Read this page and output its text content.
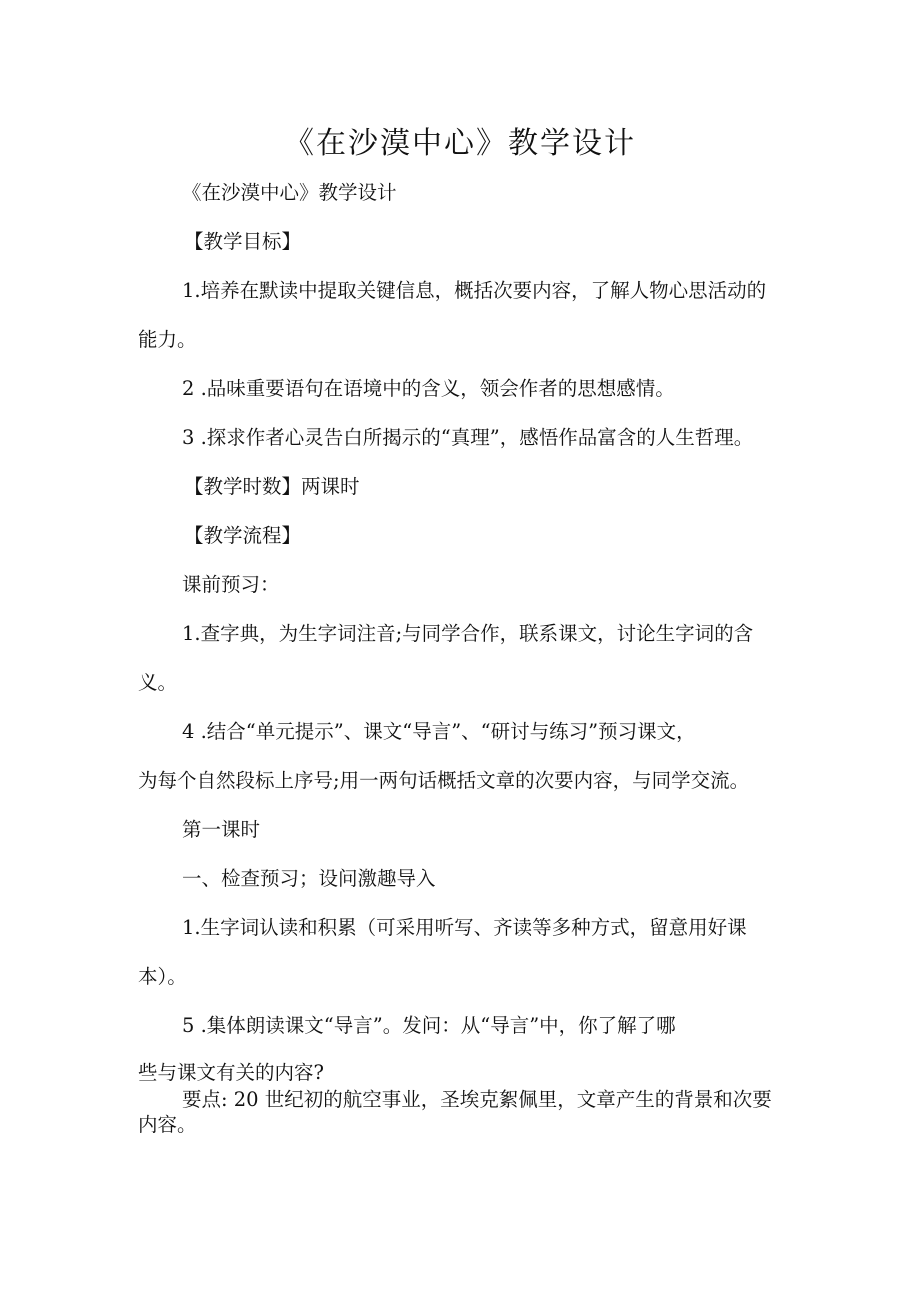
《在沙漠中心》教学设计
《在沙漠中心》教学设计
【教学目标】
1.培养在默读中提取关键信息，概括次要内容，了解人物心思活动的
能力。
2 .品味重要语句在语境中的含义，领会作者的思想感情。
3 .探求作者心灵告白所揭示的“真理”，感悟作品富含的人生哲理。
【教学时数】两课时
【教学流程】
课前预习：
1.查字典，为生字词注音;与同学合作，联系课文，讨论生字词的含
义。
4 .结合“单元提示”、课文“导言”、“研讨与练习”预习课文，
为每个自然段标上序号;用一两句话概括文章的次要内容，与同学交流。
第一课时
一、检查预习；设问激趣导入
1.生字词认读和积累（可采用听写、齐读等多种方式，留意用好课
本）。
5 .集体朗读课文“导言”。发问：从“导言”中，你了解了哪
些与课文有关的内容?
要点: 20 世纪初的航空事业，圣埃克絮佩里，文章产生的背景和次要
内容。
